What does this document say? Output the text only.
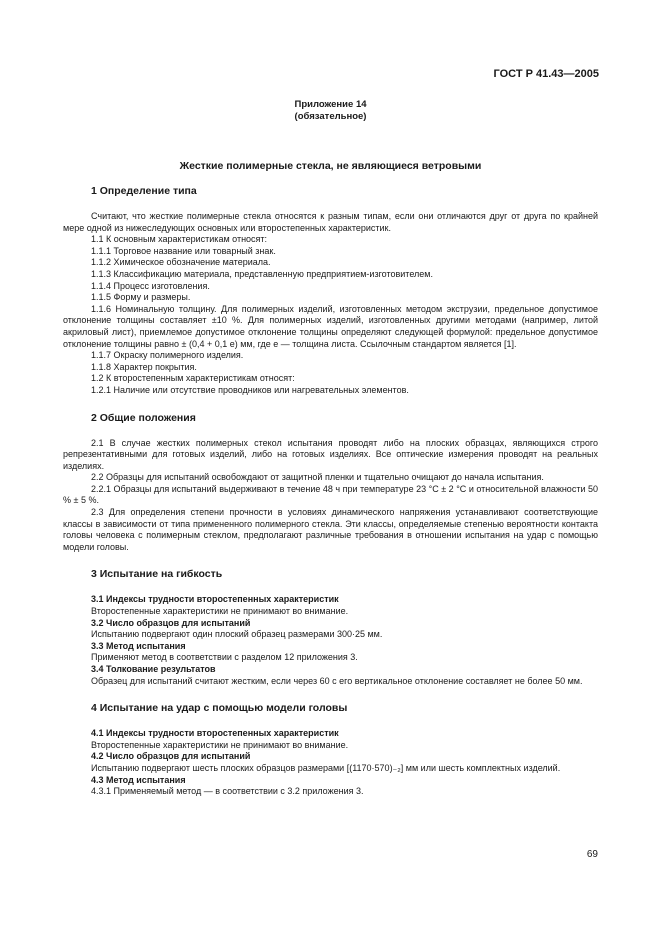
ГОСТ Р 41.43—2005
Приложение 14
(обязательное)
Жесткие полимерные стекла, не являющиеся ветровыми
1 Определение типа

Считают, что жесткие полимерные стекла относятся к разным типам, если они отличаются друг от друга по крайней мере одной из нижеследующих основных или второстепенных характеристик.

1.1 К основным характеристикам относят:

1.1.1 Торговое название или товарный знак.

1.1.2 Химическое обозначение материала.

1.1.3 Классификацию материала, представленную предприятием-изготовителем.

1.1.4 Процесс изготовления.

1.1.5 Форму и размеры.

1.1.6 Номинальную толщину. Для полимерных изделий, изготовленных методом экструзии, предельное допустимое отклонение толщины составляет ±10 %. Для полимерных изделий, изготовленных другими методами (например, литой акриловый лист), приемлемое допустимое отклонение толщины определяют следующей формулой: предельное допустимое отклонение толщины равно ± (0,4 + 0,1 e) мм, где e — толщина листа. Ссылочным стандартом является [1].

1.1.7 Окраску полимерного изделия.

1.1.8 Характер покрытия.

1.2 К второстепенным характеристикам относят:

1.2.1 Наличие или отсутствие проводников или нагревательных элементов.

2 Общие положения

2.1 В случае жестких полимерных стекол испытания проводят либо на плоских образцах, являющихся строго репрезентативными для готовых изделий, либо на готовых изделиях. Все оптические измерения проводят на реальных изделиях.

2.2 Образцы для испытаний освобождают от защитной пленки и тщательно очищают до начала испытания.

2.2.1 Образцы для испытаний выдерживают в течение 48 ч при температуре 23 °C ± 2 °C и относительной влажности 50 % ± 5 %.

2.3 Для определения степени прочности в условиях динамического напряжения устанавливают соответствующие классы в зависимости от типа примененного полимерного стекла. Эти классы, определяемые степенью вероятности контакта головы человека с полимерным стеклом, предполагают различные требования в отношении испытания на удар с помощью модели головы.

3 Испытание на гибкость

3.1 Индексы трудности второстепенных характеристик

Второстепенные характеристики не принимают во внимание.

3.2 Число образцов для испытаний

Испытанию подвергают один плоский образец размерами 300·25 мм.

3.3 Метод испытания

Применяют метод в соответствии с разделом 12 приложения 3.

3.4 Толкование результатов

Образец для испытаний считают жестким, если через 60 с его вертикальное отклонение составляет не более 50 мм.

4 Испытание на удар с помощью модели головы

4.1 Индексы трудности второстепенных характеристик

Второстепенные характеристики не принимают во внимание.

4.2 Число образцов для испытаний

Испытанию подвергают шесть плоских образцов размерами [(1170·570)₋₂] мм или шесть комплектных изделий.

4.3 Метод испытания

4.3.1 Применяемый метод — в соответствии с 3.2 приложения 3.

69
